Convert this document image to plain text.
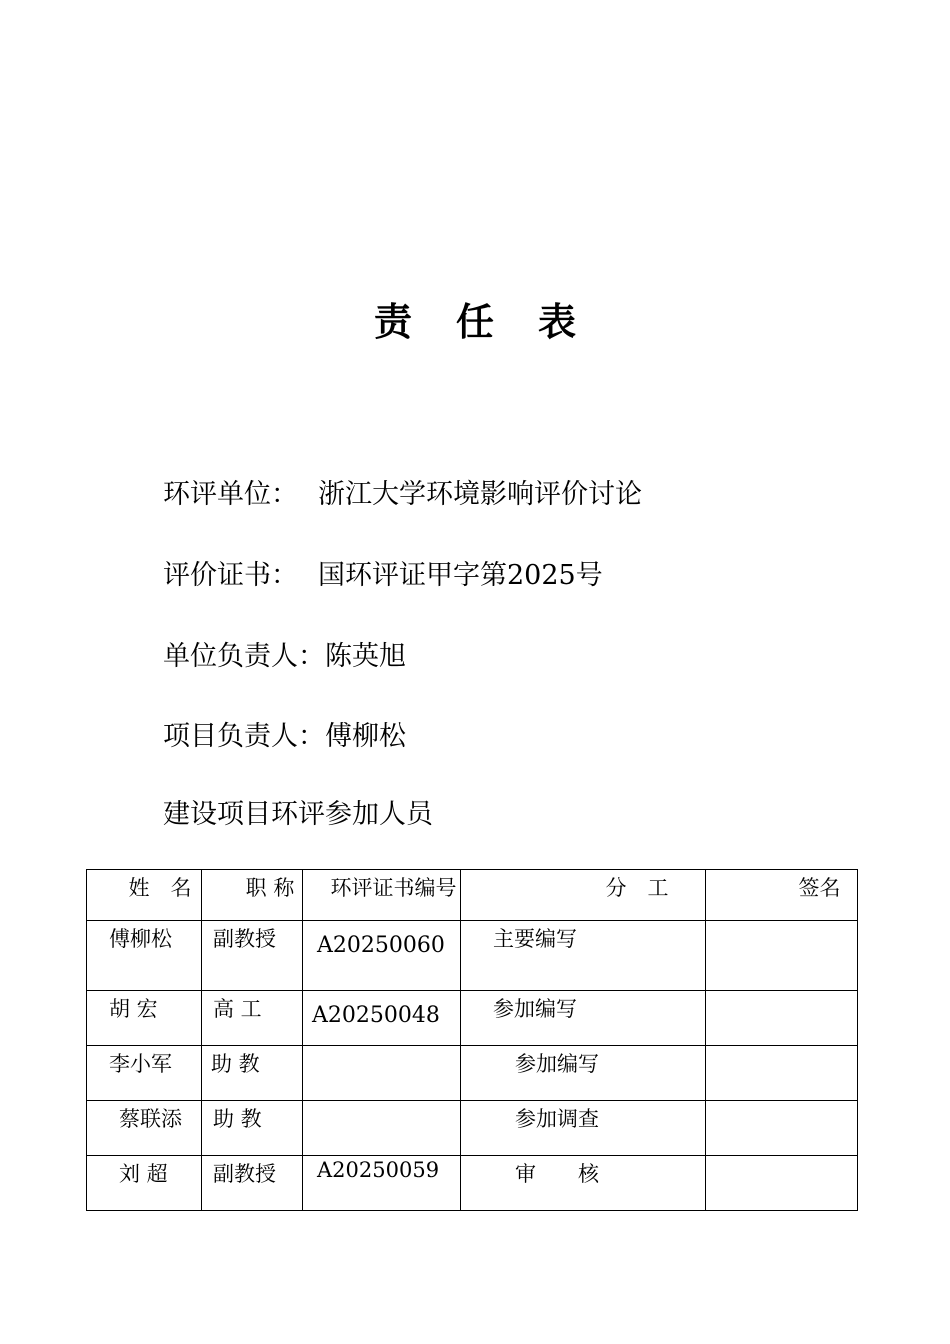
责任表
环评单位： 浙江大学环境影响评价讨论
评价证书： 国环评证甲字第2025号
单位负责人：陈英旭
项目负责人：傅柳松
建设项目环评参加人员
姓　名	职 称	环评证书编号	分　工	签名

傅柳松	副教授	A20250060	主要编写	

胡 宏	高 工	A20250048	参加编写	

李小军	助 教		参加编写	

蔡联添	助 教		参加调查	

刘 超	副教授	A20250059	审　　核	
